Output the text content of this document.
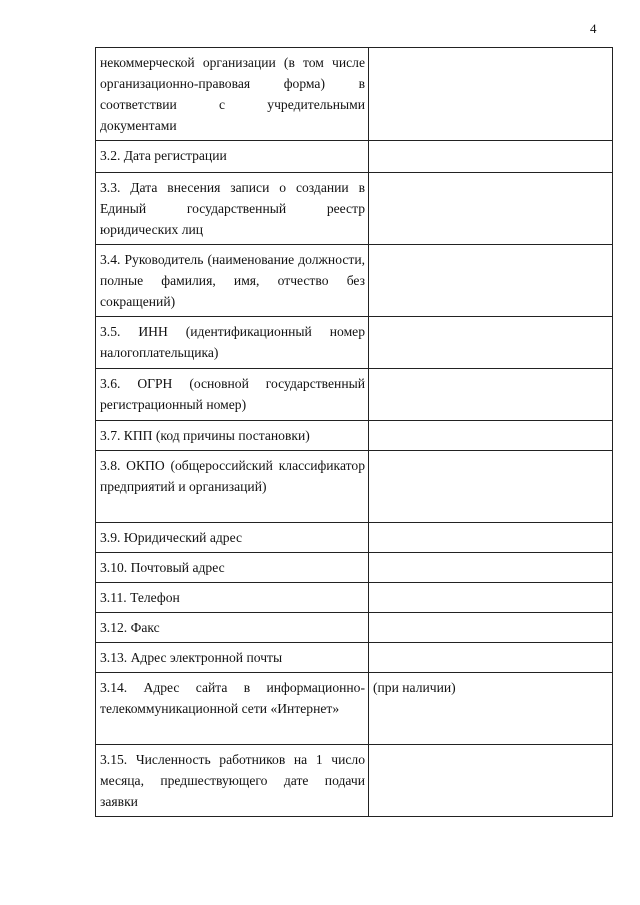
4
некоммерческой организации (в том числе организационно-правовая форма) в соответствии с учредительными документами	
3.2. Дата регистрации	
3.3. Дата внесения записи о создании в Единый государственный реестр юридических лиц	
3.4. Руководитель (наименование должности, полные фамилия, имя, отчество без сокращений)	
3.5. ИНН (идентификационный номер налогоплательщика)	
3.6. ОГРН (основной государственный регистрационный номер)	
3.7. КПП (код причины постановки)	
3.8. ОКПО (общероссийский классификатор предприятий и организаций)	
3.9. Юридический адрес	
3.10. Почтовый адрес	
3.11. Телефон	
3.12. Факс	
3.13. Адрес электронной почты	
3.14. Адрес сайта в информационно-телекоммуникационной сети «Интернет»	(при наличии)
3.15. Численность работников на 1 число месяца, предшествующего дате подачи заявки	
